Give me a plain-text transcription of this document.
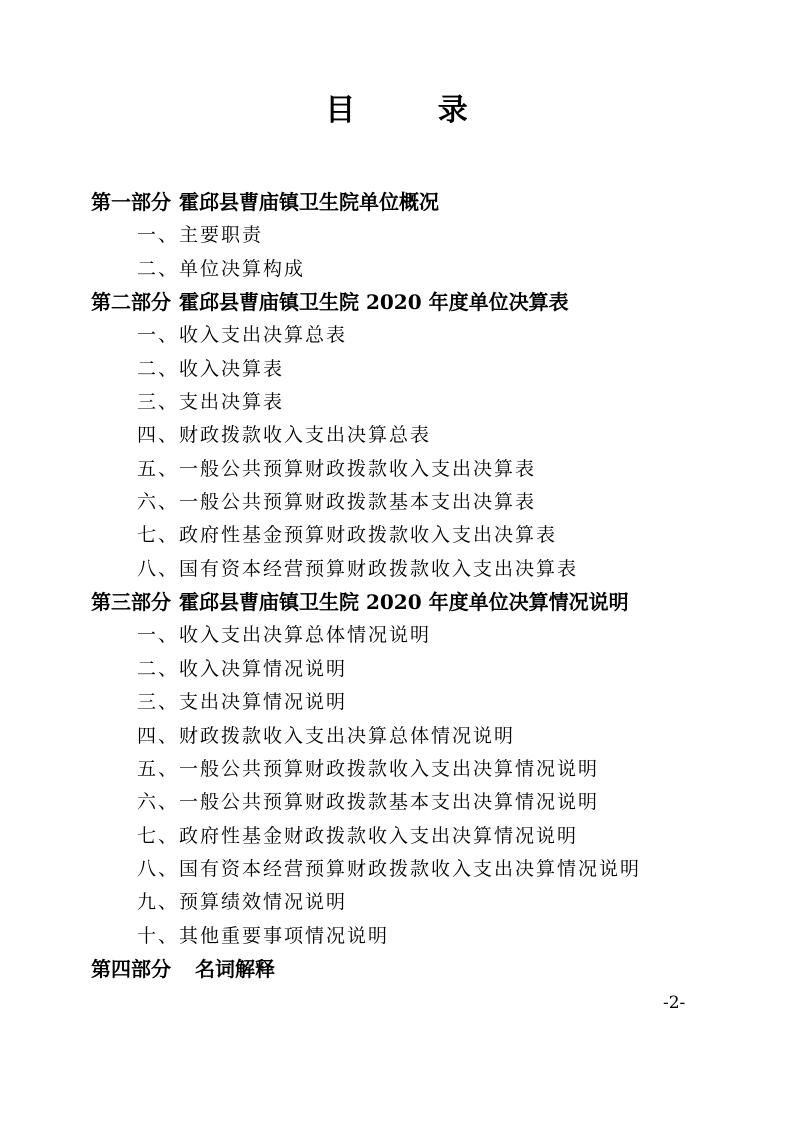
目 录
第一部分 霍邱县曹庙镇卫生院单位概况
一、主要职责
二、单位决算构成
第二部分 霍邱县曹庙镇卫生院 2020 年度单位决算表
一、收入支出决算总表
二、收入决算表
三、支出决算表
四、财政拨款收入支出决算总表
五、一般公共预算财政拨款收入支出决算表
六、一般公共预算财政拨款基本支出决算表
七、政府性基金预算财政拨款收入支出决算表
八、国有资本经营预算财政拨款收入支出决算表
第三部分 霍邱县曹庙镇卫生院 2020 年度单位决算情况说明
一、收入支出决算总体情况说明
二、收入决算情况说明
三、支出决算情况说明
四、财政拨款收入支出决算总体情况说明
五、一般公共预算财政拨款收入支出决算情况说明
六、一般公共预算财政拨款基本支出决算情况说明
七、政府性基金财政拨款收入支出决算情况说明
八、国有资本经营预算财政拨款收入支出决算情况说明
九、预算绩效情况说明
十、其他重要事项情况说明
第四部分 名词解释
-2-
